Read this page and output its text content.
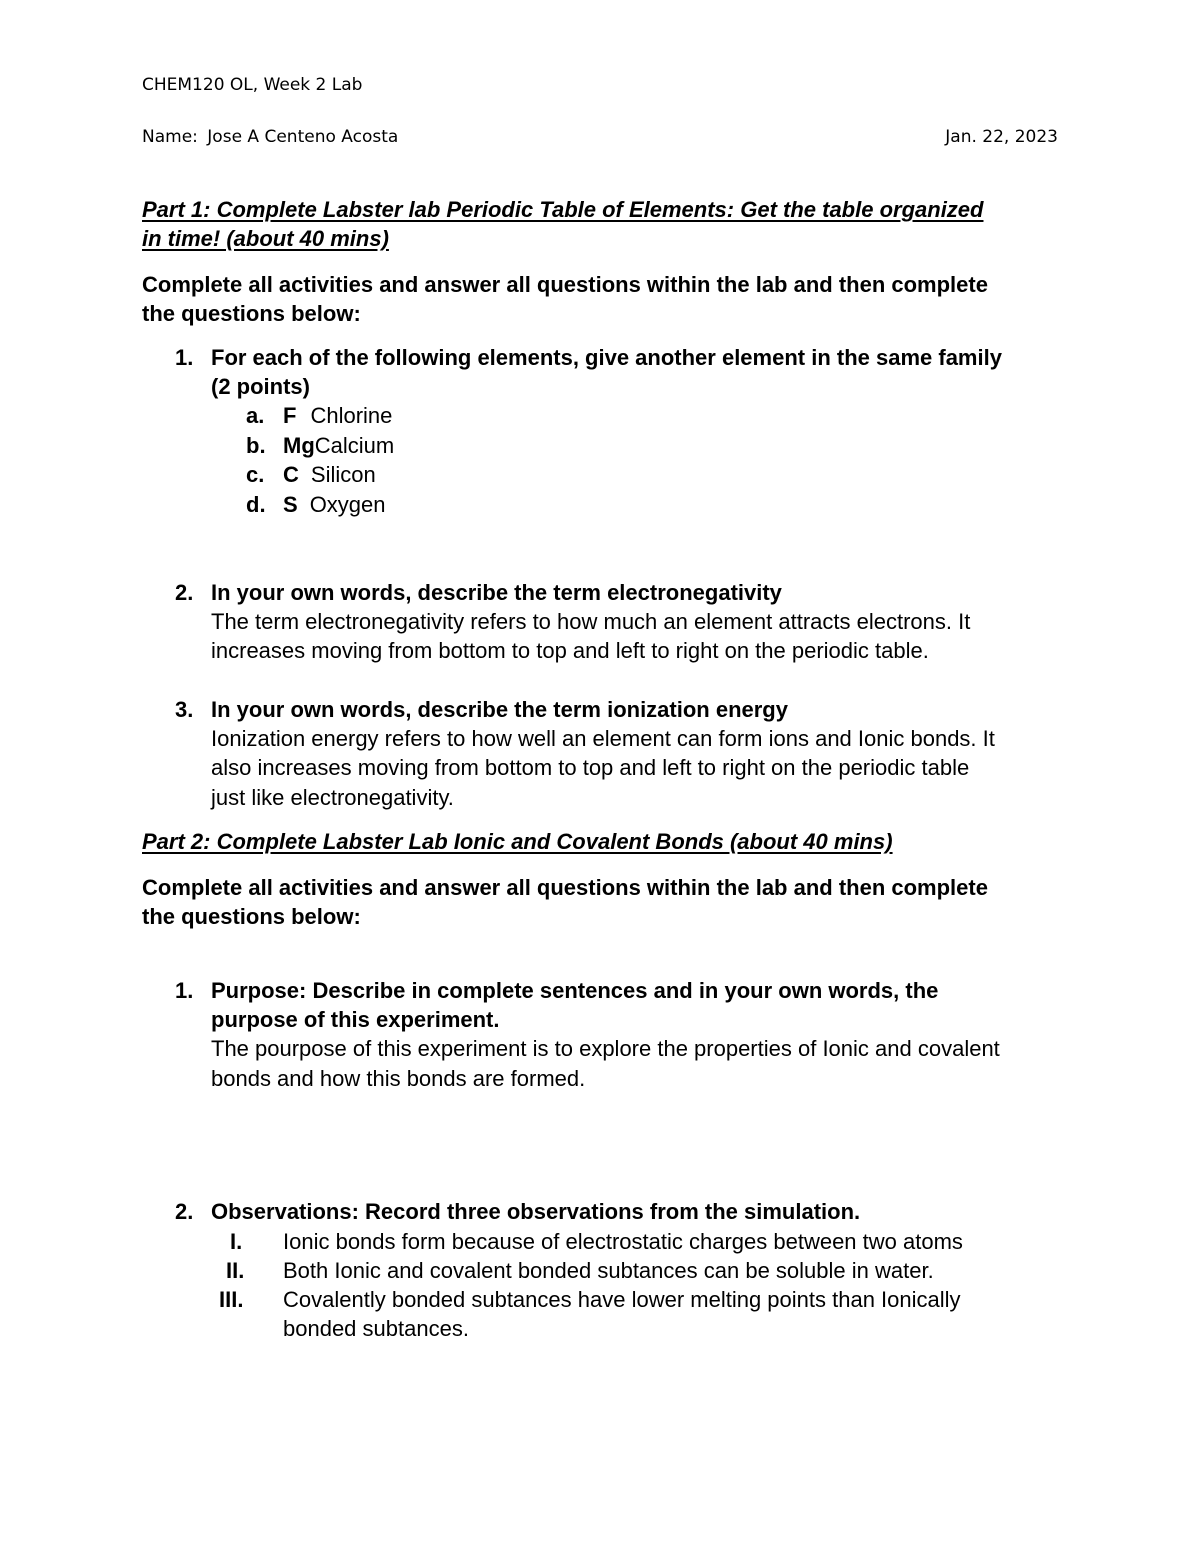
CHEM120 OL, Week 2 Lab
Name: Jose A Centeno Acosta	Jan. 22, 2023
Part 1: Complete Labster lab Periodic Table of Elements: Get the table organized
in time! (about 40 mins)
Complete all activities and answer all questions within the lab and then complete
the questions below:
1. For each of the following elements, give another element in the same family
(2 points)
a. F Chlorine
b. MgCalcium
c. C Silicon
d. S Oxygen
2. In your own words, describe the term electronegativity
The term electronegativity refers to how much an element attracts electrons. It
increases moving from bottom to top and left to right on the periodic table.
3. In your own words, describe the term ionization energy
Ionization energy refers to how well an element can form ions and Ionic bonds. It
also increases moving from bottom to top and left to right on the periodic table
just like electronegativity.
Part 2: Complete Labster Lab Ionic and Covalent Bonds (about 40 mins)
Complete all activities and answer all questions within the lab and then complete
the questions below:
1. Purpose: Describe in complete sentences and in your own words, the
purpose of this experiment.
The pourpose of this experiment is to explore the properties of Ionic and covalent
bonds and how this bonds are formed.
2. Observations: Record three observations from the simulation.
I. Ionic bonds form because of electrostatic charges between two atoms
II. Both Ionic and covalent bonded subtances can be soluble in water.
III. Covalently bonded subtances have lower melting points than Ionically
bonded subtances.
